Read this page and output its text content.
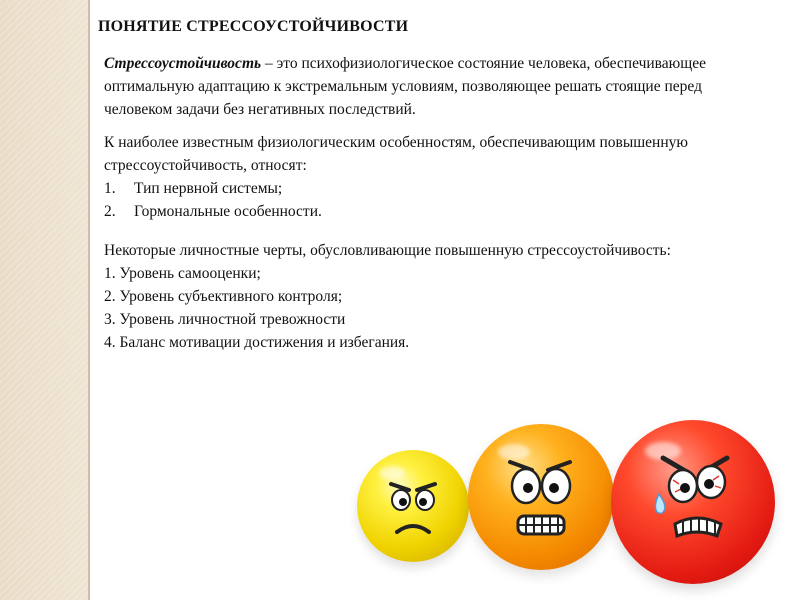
ПОНЯТИЕ СТРЕССОУСТОЙЧИВОСТИ

Стрессоустойчивость – это психофизиологическое состояние человека, обеспечивающее оптимальную адаптацию к экстремальным условиям, позволяющее решать стоящие перед человеком задачи без негативных последствий.

К наиболее известным физиологическим особенностям, обеспечивающим повышенную стрессоустойчивость, относят:
1.	Тип нервной системы;
2.	Гормональные особенности.
Некоторые личностные черты, обусловливающие повышенную стрессоустойчивость:
1. Уровень самооценки;
2. Уровень субъективного контроля;
3. Уровень личностной тревожности
4. Баланс мотивации достижения и избегания.
